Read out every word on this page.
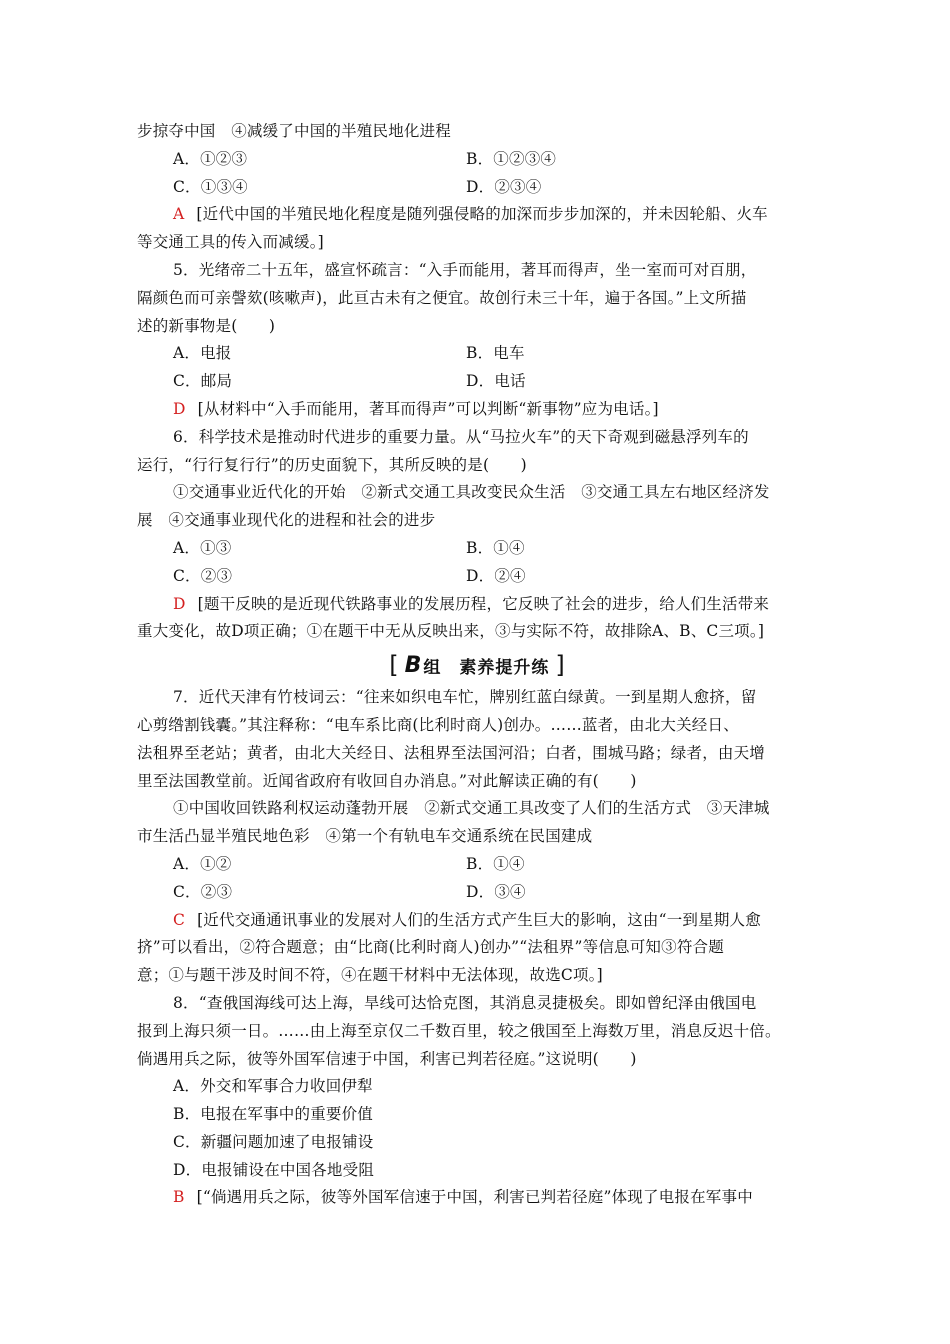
步掠夺中国　④减缓了中国的半殖民地化进程
A．①②③	B．①②③④
C．①③④	D．②③④
A [近代中国的半殖民地化程度是随列强侵略的加深而步步加深的，并未因轮船、火车
等交通工具的传入而减缓。]
5．光绪帝二十五年，盛宣怀疏言：“入手而能用，著耳而得声，坐一室而可对百朋，
隔颜色而可亲謦欬(咳嗽声)，此亘古未有之便宜。故创行未三十年，遍于各国。”上文所描
述的新事物是(　　)
A．电报	B．电车
C．邮局	D．电话
D [从材料中“入手而能用，著耳而得声”可以判断“新事物”应为电话。]
6．科学技术是推动时代进步的重要力量。从“马拉火车”的天下奇观到磁悬浮列车的
运行，“行行复行行”的历史面貌下，其所反映的是(　　)
①交通事业近代化的开始　②新式交通工具改变民众生活　③交通工具左右地区经济发
展　④交通事业现代化的进程和社会的进步
A．①③	B．①④
C．②③	D．②④
D [题干反映的是近现代铁路事业的发展历程，它反映了社会的进步，给人们生活带来
重大变化，故D项正确；①在题干中无从反映出来，③与实际不符，故排除A、B、C三项。]
[ B 组　素养提升练 ]
7．近代天津有竹枝词云：“往来如织电车忙，牌别红蓝白绿黄。一到星期人愈挤，留
心剪绺割钱囊。”其注释称：“电车系比商(比利时商人)创办。……蓝者，由北大关经日、
法租界至老站；黄者，由北大关经日、法租界至法国河沿；白者，围城马路；绿者，由天增
里至法国教堂前。近闻省政府有收回自办消息。”对此解读正确的有(　　)
①中国收回铁路利权运动蓬勃开展　②新式交通工具改变了人们的生活方式　③天津城
市生活凸显半殖民地色彩　④第一个有轨电车交通系统在民国建成
A．①②	B．①④
C．②③	D．③④
C [近代交通通讯事业的发展对人们的生活方式产生巨大的影响，这由“一到星期人愈
挤”可以看出，②符合题意；由“比商(比利时商人)创办”“法租界”等信息可知③符合题
意；①与题干涉及时间不符，④在题干材料中无法体现，故选C项。]
8．“查俄国海线可达上海，旱线可达恰克图，其消息灵捷极矣。即如曾纪泽由俄国电
报到上海只须一日。……由上海至京仅二千数百里，较之俄国至上海数万里，消息反迟十倍。
倘遇用兵之际，彼等外国军信速于中国，利害已判若径庭。”这说明(　　)
A．外交和军事合力收回伊犁
B．电报在军事中的重要价值
C．新疆问题加速了电报铺设
D．电报铺设在中国各地受阻
B [“倘遇用兵之际，彼等外国军信速于中国，利害已判若径庭”体现了电报在军事中
